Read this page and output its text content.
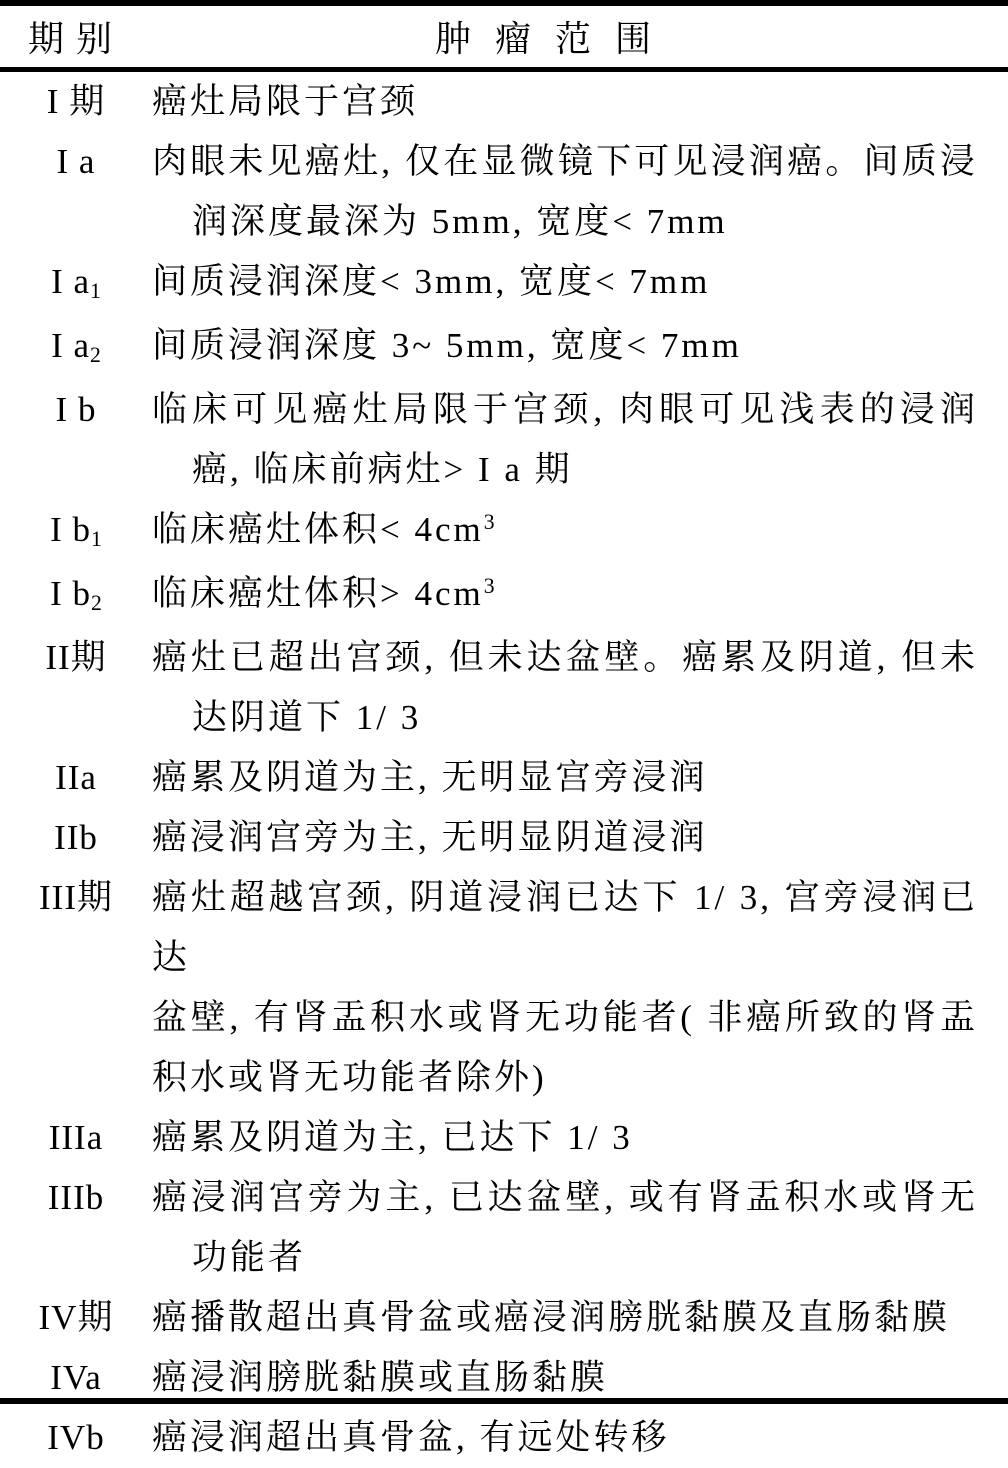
期别	肿瘤范围
I 期	癌灶局限于宫颈
I a	肉眼未见癌灶, 仅在显微镜下可见浸润癌。间质浸
润深度最深为 5mm, 宽度< 7mm
I $a_1$	间质浸润深度< 3mm, 宽度< 7mm
I $a_2$	间质浸润深度 3~ 5mm, 宽度< 7mm
I b	临床可见癌灶局限于宫颈, 肉眼可见浅表的浸润
癌, 临床前病灶> I a 期
I $b_1$	临床癌灶体积< $4cm^3$
I $b_2$	临床癌灶体积> $4cm^3$
II期	癌灶已超出宫颈, 但未达盆壁。癌累及阴道, 但未
达阴道下 1/ 3
IIa	癌累及阴道为主, 无明显宫旁浸润
IIb	癌浸润宫旁为主, 无明显阴道浸润
III期	癌灶超越宫颈, 阴道浸润已达下 1/ 3, 宫旁浸润已达
盆壁, 有肾盂积水或肾无功能者( 非癌所致的肾盂
积水或肾无功能者除外)
IIIa	癌累及阴道为主, 已达下 1/ 3
IIIb	癌浸润宫旁为主, 已达盆壁, 或有肾盂积水或肾无
功能者
IV期	癌播散超出真骨盆或癌浸润膀胱黏膜及直肠黏膜
IVa	癌浸润膀胱黏膜或直肠黏膜
IVb	癌浸润超出真骨盆, 有远处转移
